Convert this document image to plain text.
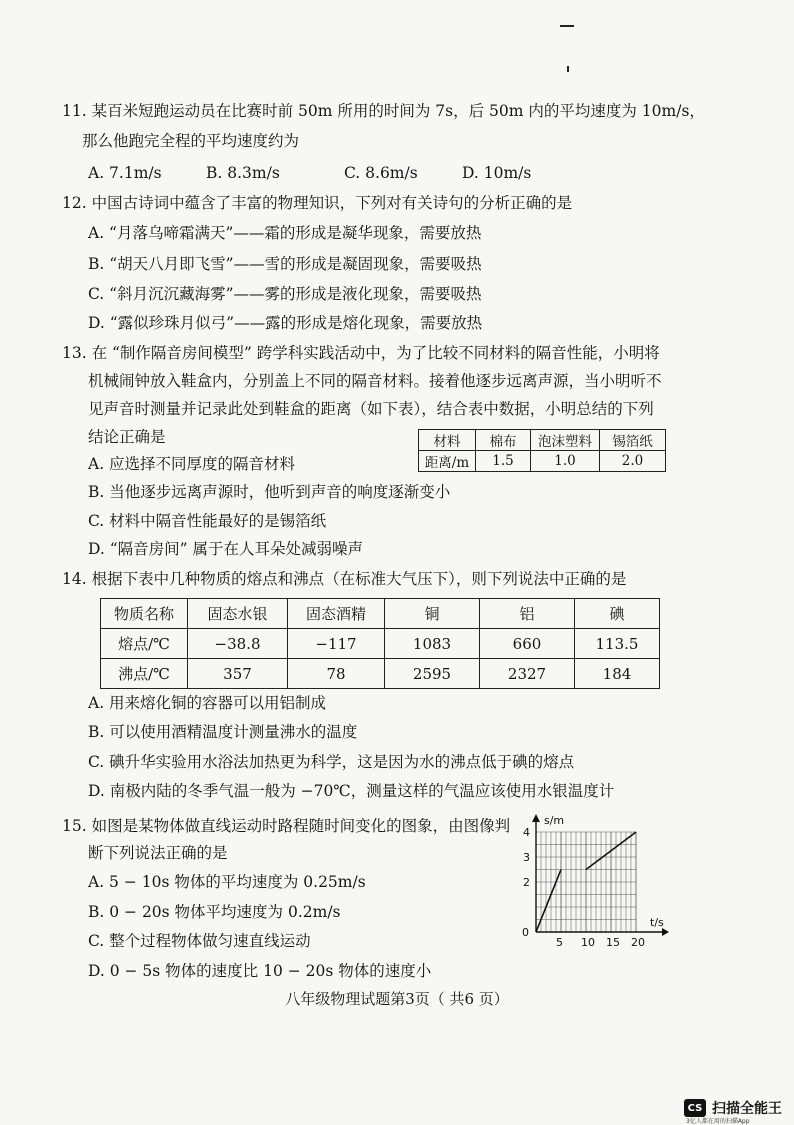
11. 某百米短跑运动员在比赛时前 50m 所用的时间为 7s，后 50m 内的平均速度为 10m/s，
那么他跑完全程的平均速度约为
A. 7.1m/s	B. 8.3m/s	C. 8.6m/s	D. 10m/s
12. 中国古诗词中蕴含了丰富的物理知识，下列对有关诗句的分析正确的是
A. “月落乌啼霜满天”——霜的形成是凝华现象，需要放热
B. “胡天八月即飞雪”——雪的形成是凝固现象，需要吸热
C. “斜月沉沉藏海雾”——雾的形成是液化现象，需要吸热
D. “露似珍珠月似弓”——露的形成是熔化现象，需要放热
13. 在 “制作隔音房间模型” 跨学科实践活动中，为了比较不同材料的隔音性能，小明将
机械闹钟放入鞋盒内，分别盖上不同的隔音材料。接着他逐步远离声源，当小明听不
见声音时测量并记录此处到鞋盒的距离（如下表），结合表中数据，小明总结的下列
结论正确是	材料	棉布	泡沫塑料	锡箔纸
距离/m	1.5	1.0	2.0
A. 应选择不同厚度的隔音材料
B. 当他逐步远离声源时，他听到声音的响度逐渐变小
C. 材料中隔音性能最好的是锡箔纸
D. “隔音房间” 属于在人耳朵处减弱噪声
14. 根据下表中几种物质的熔点和沸点（在标准大气压下），则下列说法中正确的是
物质名称	固态水银	固态酒精	铜	铝	碘
熔点/℃	−38.8	−117	1083	660	113.5
沸点/℃	357	78	2595	2327	184
A. 用来熔化铜的容器可以用铝制成
B. 可以使用酒精温度计测量沸水的温度
C. 碘升华实验用水浴法加热更为科学，这是因为水的沸点低于碘的熔点
D. 南极内陆的冬季气温一般为 −70℃，测量这样的气温应该使用水银温度计
15. 如图是某物体做直线运动时路程随时间变化的图象，由图像判
断下列说法正确的是
A. 5 − 10s 物体的平均速度为 0.25m/s
B. 0 − 20s 物体平均速度为 0.2m/s
C. 整个过程物体做匀速直线运动
D. 0 − 5s 物体的速度比 10 − 20s 物体的速度小
s/m
t/s
0
5 10 15 20
2
3
4
八年级物理试题第3页（ 共6 页）
CS 扫描全能王
3亿人都在用的扫描App
